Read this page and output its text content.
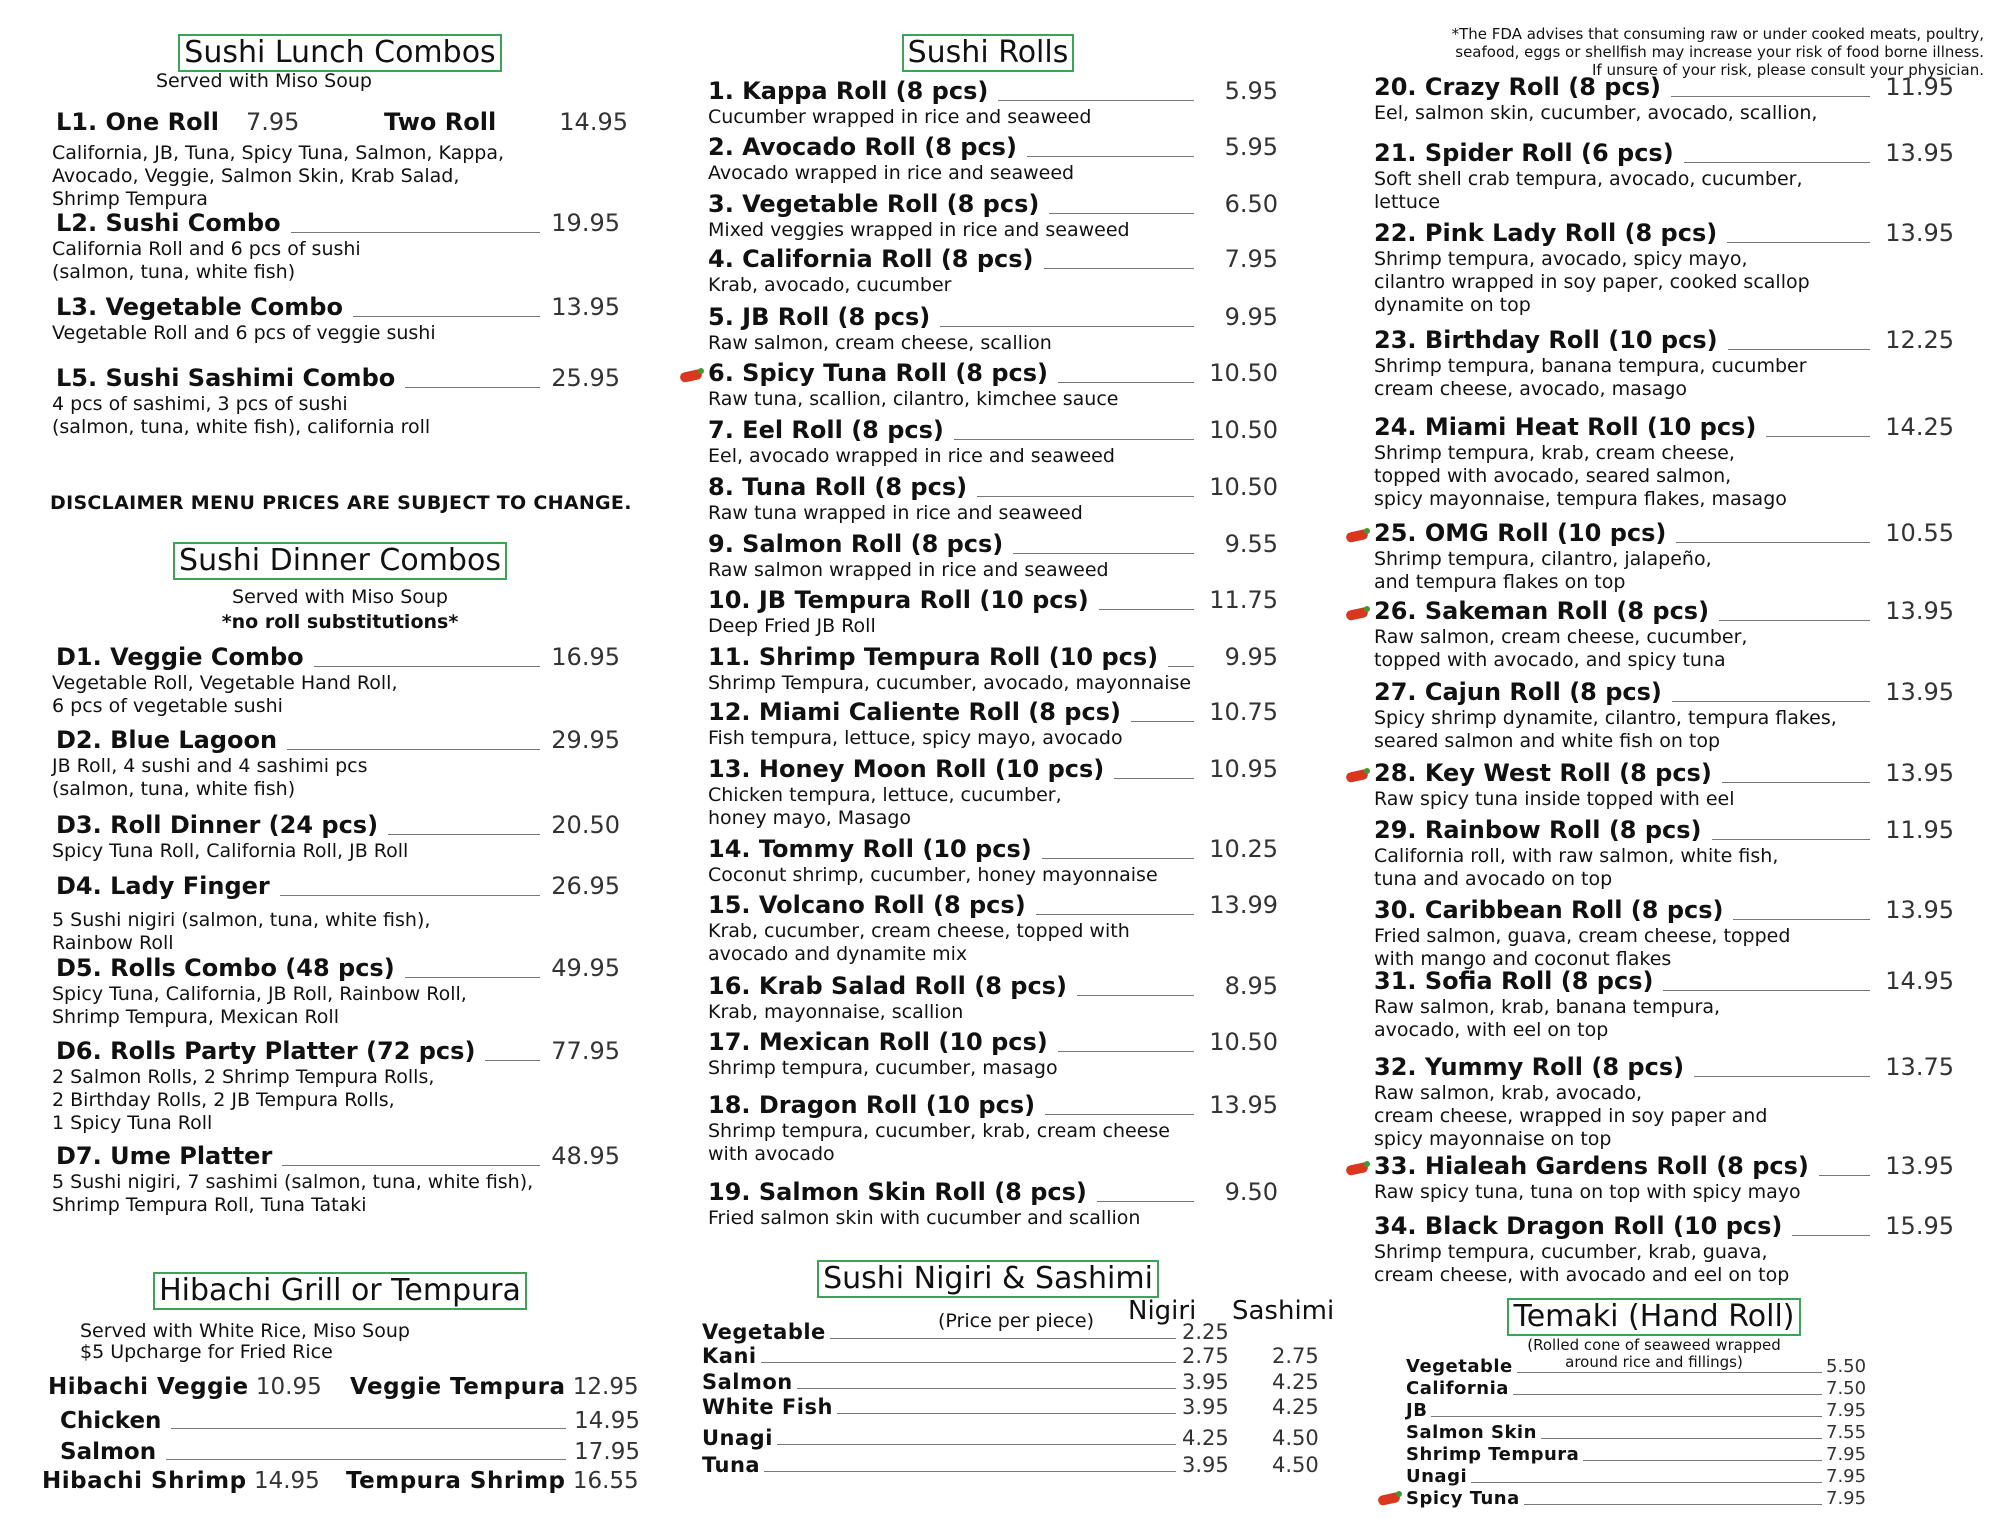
Sushi Lunch Combos
Served with Miso Soup
L1. One Roll 7.95	Two Roll	14.95
California, JB, Tuna, Spicy Tuna, Salmon, Kappa,
Avocado, Veggie, Salmon Skin, Krab Salad,
Shrimp Tempura
L2. Sushi Combo	19.95
California Roll and 6 pcs of sushi
(salmon, tuna, white fish)
L3. Vegetable Combo	13.95
Vegetable Roll and 6 pcs of veggie sushi
L5. Sushi Sashimi Combo	25.95
4 pcs of sashimi, 3 pcs of sushi
(salmon, tuna, white fish), california roll
DISCLAIMER MENU PRICES ARE SUBJECT TO CHANGE.
Sushi Dinner Combos
Served with Miso Soup
*no roll substitutions*
D1. Veggie Combo	16.95
Vegetable Roll, Vegetable Hand Roll,
6 pcs of vegetable sushi
D2. Blue Lagoon	29.95
JB Roll, 4 sushi and 4 sashimi pcs
(salmon, tuna, white fish)
D3. Roll Dinner (24 pcs)	20.50
Spicy Tuna Roll, California Roll, JB Roll
D4. Lady Finger	26.95
5 Sushi nigiri (salmon, tuna, white fish),
Rainbow Roll
D5. Rolls Combo (48 pcs)	49.95
Spicy Tuna, California, JB Roll, Rainbow Roll,
Shrimp Tempura, Mexican Roll
D6. Rolls Party Platter (72 pcs)	77.95
2 Salmon Rolls, 2 Shrimp Tempura Rolls,
2 Birthday Rolls, 2 JB Tempura Rolls,
1 Spicy Tuna Roll
D7. Ume Platter	48.95
5 Sushi nigiri, 7 sashimi (salmon, tuna, white fish),
Shrimp Tempura Roll, Tuna Tataki
Hibachi Grill or Tempura
Served with White Rice, Miso Soup
$5 Upcharge for Fried Rice
Hibachi Veggie 10.95 Veggie Tempura 12.95
Chicken	14.95
Salmon	17.95
Hibachi Shrimp 14.95 Tempura Shrimp 16.55
Sushi Rolls
1. Kappa Roll (8 pcs)	5.95
Cucumber wrapped in rice and seaweed
2. Avocado Roll (8 pcs)	5.95
Avocado wrapped in rice and seaweed
3. Vegetable Roll (8 pcs)	6.50
Mixed veggies wrapped in rice and seaweed
4. California Roll (8 pcs)	7.95
Krab, avocado, cucumber
5. JB Roll (8 pcs)	9.95
Raw salmon, cream cheese, scallion
6. Spicy Tuna Roll (8 pcs)	10.50
Raw tuna, scallion, cilantro, kimchee sauce
7. Eel Roll (8 pcs)	10.50
Eel, avocado wrapped in rice and seaweed
8. Tuna Roll (8 pcs)	10.50
Raw tuna wrapped in rice and seaweed
9. Salmon Roll (8 pcs)	9.55
Raw salmon wrapped in rice and seaweed
10. JB Tempura Roll (10 pcs)	11.75
Deep Fried JB Roll
11. Shrimp Tempura Roll (10 pcs)	9.95
Shrimp Tempura, cucumber, avocado, mayonnaise
12. Miami Caliente Roll (8 pcs)	10.75
Fish tempura, lettuce, spicy mayo, avocado
13. Honey Moon Roll (10 pcs)	10.95
Chicken tempura, lettuce, cucumber,
honey mayo, Masago
14. Tommy Roll (10 pcs)	10.25
Coconut shrimp, cucumber, honey mayonnaise
15. Volcano Roll (8 pcs)	13.99
Krab, cucumber, cream cheese, topped with
avocado and dynamite mix
16. Krab Salad Roll (8 pcs)	8.95
Krab, mayonnaise, scallion
17. Mexican Roll (10 pcs)	10.50
Shrimp tempura, cucumber, masago
18. Dragon Roll (10 pcs)	13.95
Shrimp tempura, cucumber, krab, cream cheese
with avocado
19. Salmon Skin Roll (8 pcs)	9.50
Fried salmon skin with cucumber and scallion
Sushi Nigiri & Sashimi
(Price per piece) Nigiri Sashimi
Vegetable	2.25
Kani	2.75	2.75
Salmon	3.95	4.25
White Fish	3.95	4.25
Unagi	4.25	4.50
Tuna	3.95	4.50
*The FDA advises that consuming raw or under cooked meats, poultry,
seafood, eggs or shellfish may increase your risk of food borne illness.
If unsure of your risk, please consult your physician.
20. Crazy Roll (8 pcs)	11.95
Eel, salmon skin, cucumber, avocado, scallion,
21. Spider Roll (6 pcs)	13.95
Soft shell crab tempura, avocado, cucumber,
lettuce
22. Pink Lady Roll (8 pcs)	13.95
Shrimp tempura, avocado, spicy mayo,
cilantro wrapped in soy paper, cooked scallop
dynamite on top
23. Birthday Roll (10 pcs)	12.25
Shrimp tempura, banana tempura, cucumber
cream cheese, avocado, masago
24. Miami Heat Roll (10 pcs)	14.25
Shrimp tempura, krab, cream cheese,
topped with avocado, seared salmon,
spicy mayonnaise, tempura flakes, masago
25. OMG Roll (10 pcs)	10.55
Shrimp tempura, cilantro, jalapeño,
and tempura flakes on top
26. Sakeman Roll (8 pcs)	13.95
Raw salmon, cream cheese, cucumber,
topped with avocado, and spicy tuna
27. Cajun Roll (8 pcs)	13.95
Spicy shrimp dynamite, cilantro, tempura flakes,
seared salmon and white fish on top
28. Key West Roll (8 pcs)	13.95
Raw spicy tuna inside topped with eel
29. Rainbow Roll (8 pcs)	11.95
California roll, with raw salmon, white fish,
tuna and avocado on top
30. Caribbean Roll (8 pcs)	13.95
Fried salmon, guava, cream cheese, topped
with mango and coconut flakes
31. Sofia Roll (8 pcs)	14.95
Raw salmon, krab, banana tempura,
avocado, with eel on top
32. Yummy Roll (8 pcs)	13.75
Raw salmon, krab, avocado,
cream cheese, wrapped in soy paper and
spicy mayonnaise on top
33. Hialeah Gardens Roll (8 pcs)	13.95
Raw spicy tuna, tuna on top with spicy mayo
34. Black Dragon Roll (10 pcs)	15.95
Shrimp tempura, cucumber, krab, guava,
cream cheese, with avocado and eel on top
Temaki (Hand Roll)
(Rolled cone of seaweed wrapped
around rice and fillings)
Vegetable	5.50
California	7.50
JB	7.95
Salmon Skin	7.55
Shrimp Tempura	7.95
Unagi	7.95
Spicy Tuna	7.95
